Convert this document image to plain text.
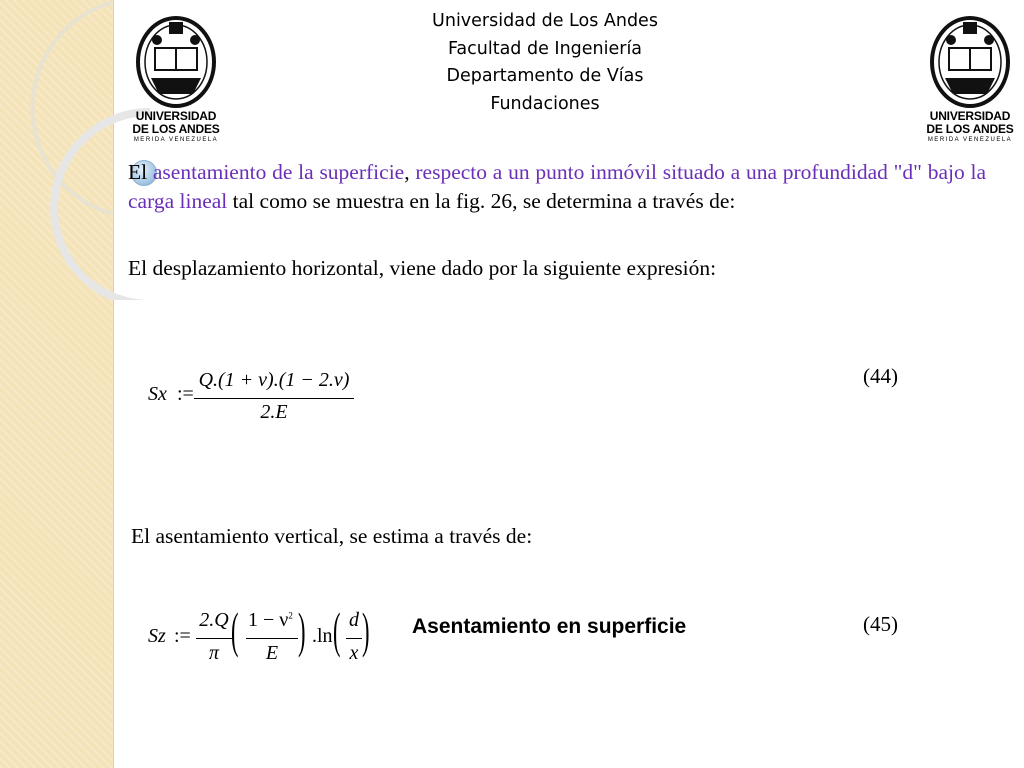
UNIVERSIDAD
DE LOS ANDES
MERIDA VENEZUELA
UNIVERSIDAD
DE LOS ANDES
MERIDA VENEZUELA
Universidad de Los Andes
Facultad de Ingeniería
Departamento de Vías
Fundaciones
El asentamiento de la superficie, respecto a un punto inmóvil situado a una profundidad "d" bajo la carga lineal tal como se muestra en la fig. 26, se determina a través de:
El desplazamiento horizontal, viene dado por la siguiente expresión:
Sx :=
Q.(1 + ν).(1 − 2.ν)
2.E
(44)
El asentamiento vertical, se estima a través de:
Sz :=
2.Q
π ( $1 - \nu^2$
E ) .ln ( d
x ) Asentamiento en superficie	(45)
